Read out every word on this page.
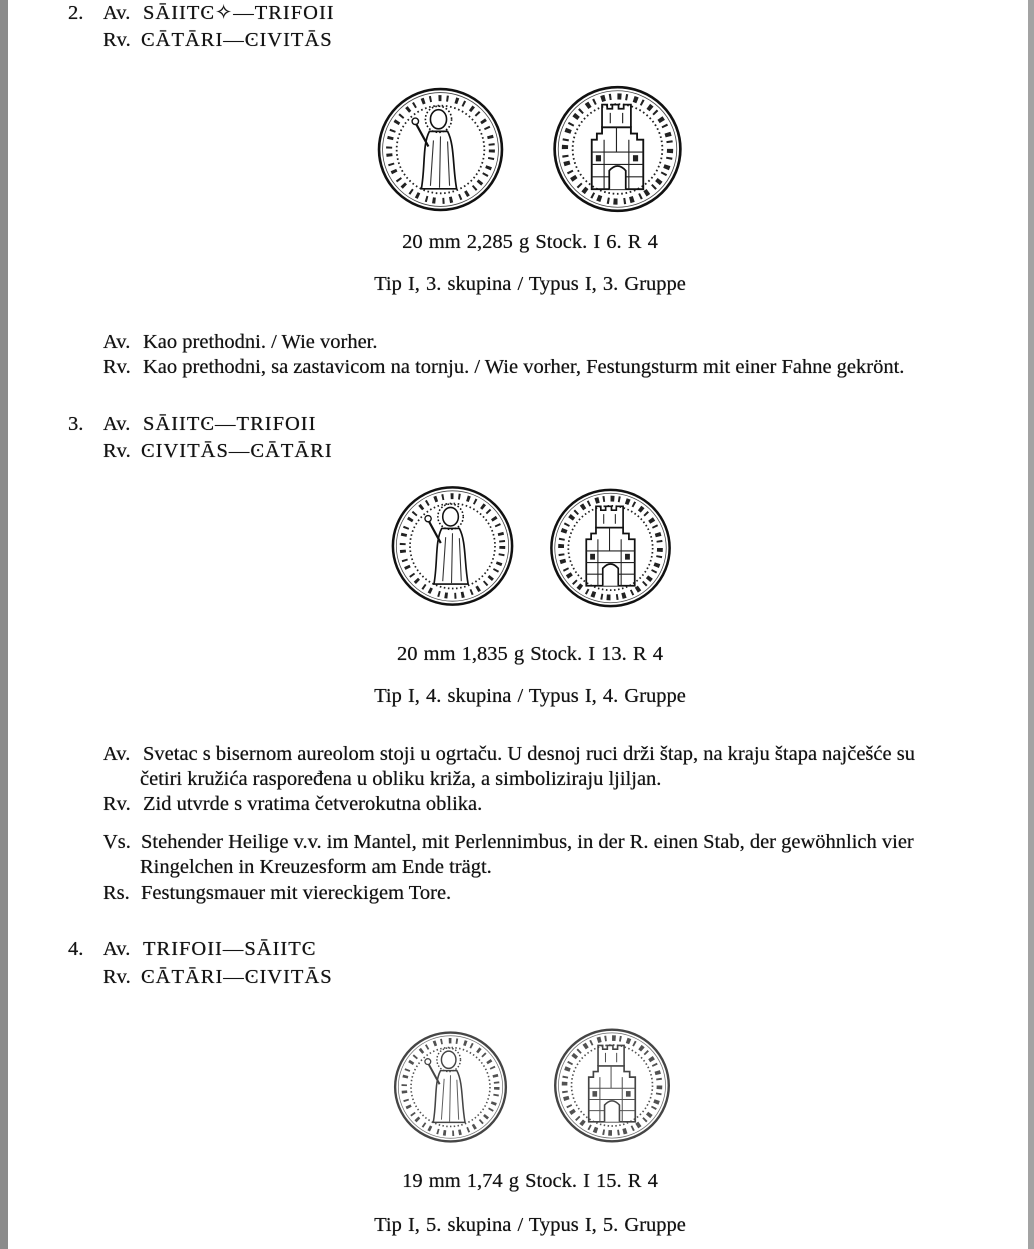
2. Av. SĀIITϾ✧—TRIFOII
Rv. ϾĀTĀRI—ϾIVITĀS
20 mm 2,285 g Stock. I 6. R 4
Tip I, 3. skupina / Typus I, 3. Gruppe
Av. Kao prethodni. / Wie vorher.
Rv. Kao prethodni, sa zastavicom na tornju. / Wie vorher, Festungsturm mit einer Fahne gekrönt.
3. Av. SĀIITϾ—TRIFOII
Rv. ϾIVITĀS—ϾĀTĀRI
20 mm 1,835 g Stock. I 13. R 4
Tip I, 4. skupina / Typus I, 4. Gruppe
Av. Svetac s bisernom aureolom stoji u ogrtaču. U desnoj ruci drži štap, na kraju štapa najčešće su
četiri kružića raspoređena u obliku križa, a simboliziraju ljiljan.
Rv. Zid utvrde s vratima četverokutna oblika.
Vs. Stehender Heilige v.v. im Mantel, mit Perlennimbus, in der R. einen Stab, der gewöhnlich vier
Ringelchen in Kreuzesform am Ende trägt.
Rs. Festungsmauer mit viereckigem Tore.
4. Av. TRIFOII—SĀIITϾ
Rv. ϾĀTĀRI—ϾIVITĀS
19 mm 1,74 g Stock. I 15. R 4
Tip I, 5. skupina / Typus I, 5. Gruppe
